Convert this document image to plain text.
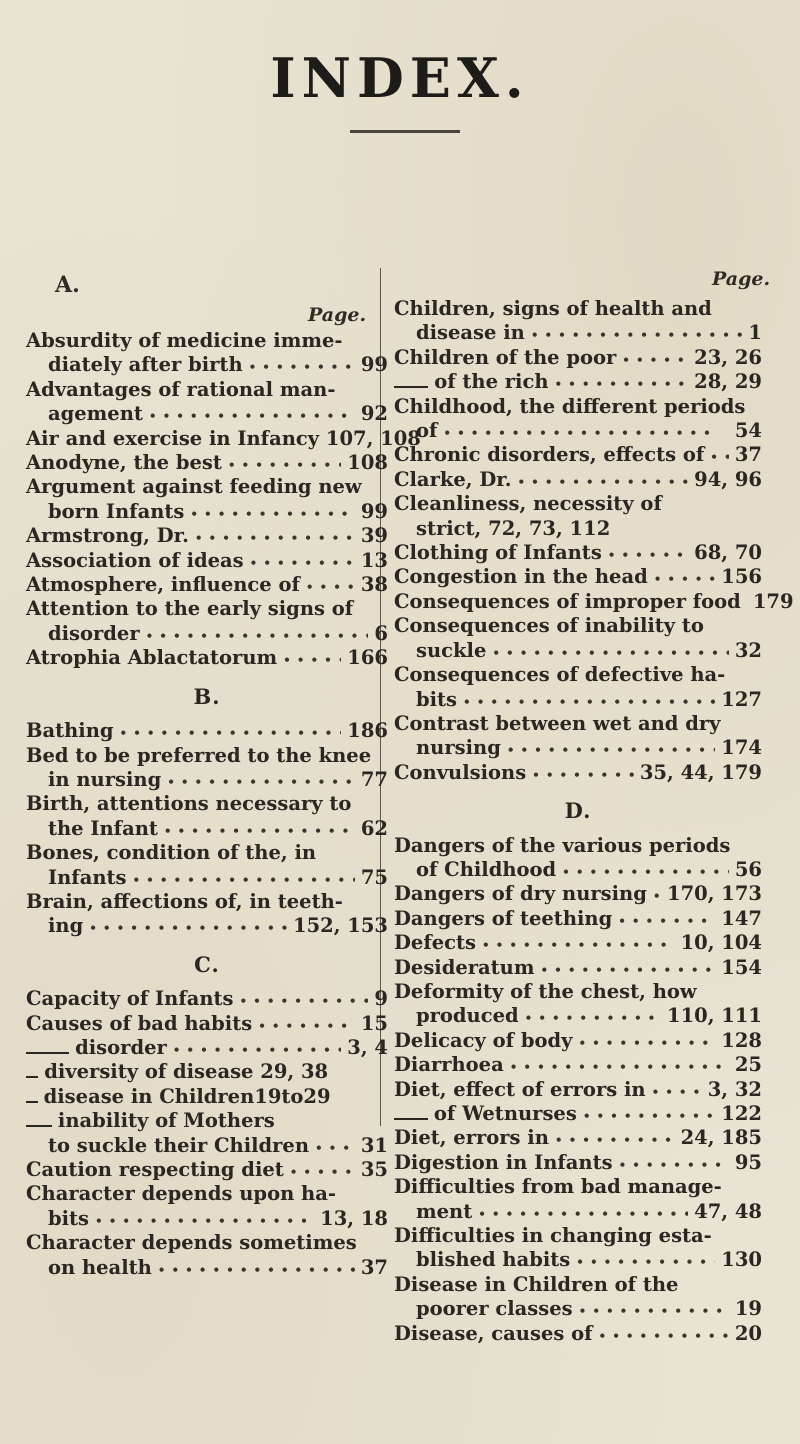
INDEX.
A.
Page.
Page.
Absurdity of medicine imme-
diately after birth •••••	99
Advantages of rational man-
agement •••••	92
Air and exercise in Infancy 107, 108
Anodyne, the best •••••	108
Argument against feeding new
born Infants •••••	99
Armstrong, Dr. •••••	39
Association of ideas •••••	13
Atmosphere, influence of •••••	38
Attention to the early signs of
disorder •••••	6
Atrophia Ablactatorum •••••	166
B.
Bathing •••••	186
Bed to be preferred to the knee
in nursing •••••	77
Birth, attentions necessary to
the Infant •••••	62
Bones, condition of the, in
Infants •••••	75
Brain, affections of, in teeth-
ing •••••	152, 153
C.
Capacity of Infants •••••	9
Causes of bad habits •••••	15
disorder •••••	3, 4
diversity of disease 29, 38
disease in Children19to29
inability of Mothers
to suckle their Children •••••	31
Caution respecting diet •••••	35
Character depends upon ha-
bits •••••	13, 18
Character depends sometimes
on health •••••	37
Children, signs of health and
disease in •••••	1
Children of the poor •••••	23, 26
of the rich •••••	28, 29
Childhood, the different periods
of •••••	54
Chronic disorders, effects of ••••• 37
Clarke, Dr. •••••	94, 96
Cleanliness, necessity of
strict, 72, 73, 112
Clothing of Infants •••••	68, 70
Congestion in the head •••••	156
Consequences of improper food 179
Consequences of inability to
suckle •••••	32
Consequences of defective ha-
bits •••••	127
Contrast between wet and dry
nursing •••••	174
Convulsions •••••	35, 44, 179
D.
Dangers of the various periods
of Childhood •••••	56
Dangers of dry nursing ••••• 170, 173
Dangers of teething •••••	147
Defects •••••	10, 104
Desideratum •••••	154
Deformity of the chest, how
produced •••••	110, 111
Delicacy of body •••••	128
Diarrhoea •••••	25
Diet, effect of errors in •••••	3, 32
of Wetnurses •••••	122
Diet, errors in •••••	24, 185
Digestion in Infants •••••	95
Difficulties from bad manage-
ment •••••	47, 48
Difficulties in changing esta-
blished habits •••••	130
Disease in Children of the
poorer classes •••••	19
Disease, causes of •••••	20
